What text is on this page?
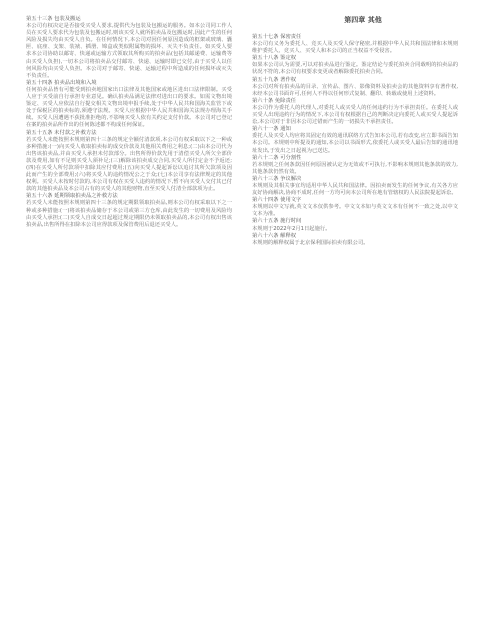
第四章 其他

第五十三条 包装及搬运

本公司有权决定是否接受买受人要求,提供代为包装及包搬运的服务。如本公司同工作人员在买受人要求代为包装及包搬运时,则该买受人就所拍卖品及包搬运时,因此产生的任何风险及损失均由买受人自负。在任何情况下,本公司对因任何原因造成的框架或玻璃、囊匣、底座、支架、装裱、插册、锦盒或类似附属物的损坏、灭失不负责任。如买受人要求本公司协助以邮寄、快递或运输方式领取其所购买的拍卖品(包括其邮递费、运输费等由买受人负担),一切本公司将拍卖品交付邮寄、快递、运输时即已交付,由于买受人以任何风险均由买受人负担。本公司对于邮寄、快递、运输过程中所造成的任何损坏或灭失不负责任。

第五十四条 拍卖品出境和入境

任何拍卖品皆有可能受到拍卖地国家出口法律及其他国家或地区进出口法律限制。买受人应于买受前自行承担专业意见。确认拍卖品满足法律对进出口的要求。如需文物出境鉴定、买受人应依法自行提交相关文物出境申报手续,处于中华人民共和国海关监管下或处于保税区的拍卖标的,须遵守法规。买受人应根据中华人民共和国海关法规办理海关手续。买受人因遭遇不获批准拒绝的,不影响买受人依有关约定支付价款。本公司对已登记在案的拍卖品所作出的任何陈述都不构成任何保证。

第五十五条 未付款之补救方法

若买受人未能按照本规则第四十三条的规定全额付清款项,本公司有权采取以下之一种或多种措施:(一)向买受人收取拍卖标的成交价款及其他相关费用之利息;(二)由本公司代为出售该拍卖品,并由买受人承担未付款部分。出售所得价款先用于清偿买受人所欠全部价款及费用,如有不足则买受人须补足;(三)解除该拍卖成交合同,买受人所付定金不予返还;(四)在买受人所付款项中扣除其应付费用;(五)向买受人提起诉讼以追讨其所欠款项及因此而产生的全部费用;(六)将买受人的违约情况公之于众;(七)本公司享有法律规定的其他权利。买受人未按时付款的,本公司有权在买受人违约的情况下,暂不向买受人交付其已付款的其他拍卖品及本公司占有的买受人的其他财物,直至买受人付清全部款项为止。

第五十六条 延期领取拍卖品之补救方法

若买受人未能按照本规则第四十三条的规定期限领取拍卖品,则本公司有权采取以下之一种或多种措施:(一)将该拍卖品储存于本公司或第三方仓库,由此发生的一切费用及风险均由买受人承担;(二)买受人自成交日起超过规定期限仍未领取拍卖品的,本公司有权出售该拍卖品,出售所得在扣除本公司应得款项及保管费用后退还买受人。

第五十七条 保密责任

本公司有义务为委托人、竞买人及买受人保守秘密,并根据中华人民共和国法律和本规则维护委托人、竞买人、买受人和本公司的正当权益不受侵害。

第五十八条 鉴定权

如果本公司认为需要,可以对拍卖品进行鉴定。鉴定结论与委托拍卖合同载明的拍卖品的状况不符的,本公司有权要求变更或者解除委托拍卖合同。

第五十九条 著作权

本公司对所有拍卖品的目录、宣传品、图片、影像资料及拍卖会的其他资料享有著作权,未经本公司书面许可,任何人不得以任何形式复制、翻印、转载或使用上述资料。

第六十条 免除责任

本公司作为委托人的代理人,对委托人或买受人的任何违约行为不承担责任。在委托人或买受人出现违约行为的情况下,本公司有权根据自己的判断决定向委托人或买受人提起诉讼,本公司对于非因本公司过错而产生的一切损失不承担责任。

第六十一条 通知

委托人及买受人均应将其固定有效的通讯联络方式告知本公司,若有改变,应立即书面告知本公司。本规则中所提及的通知,本公司以书面形式,依委托人或买受人最后告知的通讯地址发出,于发出之日起视为已送达。

第六十二条 可分割性

若本规则之任何条款因任何原因被认定为无效或不可执行,不影响本规则其他条款的效力,其他条款仍然有效。

第六十三条 争议解决

本规则及其相关事宜均适用中华人民共和国法律。因拍卖而发生的任何争议,有关各方应友好协商解决,协商不成时,任何一方均可向本公司所在地有管辖权的人民法院提起诉讼。

第六十四条 使用文字

本规则以中文写就,英文文本仅供参考。中文文本如与英文文本有任何不一致之处,以中文文本为准。

第六十五条 施行时间

本规则于2022年2月1日起施行。

第六十六条 解释权

本规则的解释权属于北京保利国际拍卖有限公司。
